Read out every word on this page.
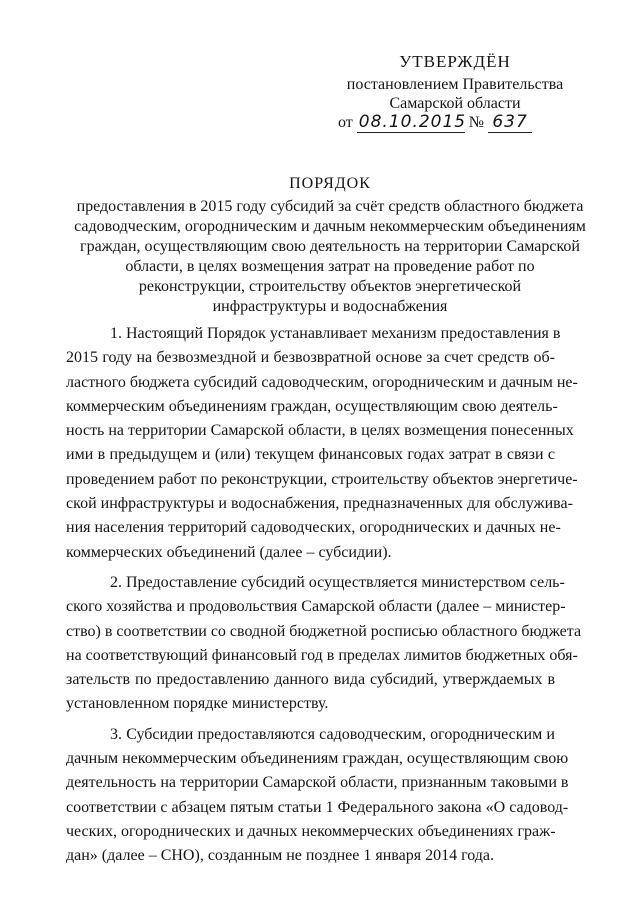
УТВЕРЖДЁН
постановлением Правительства
Самарской области
от 08.10.2015 № 637
ПОРЯДОК
предоставления в 2015 году субсидий за счёт средств областного бюджета
садоводческим, огородническим и дачным некоммерческим объединениям
граждан, осуществляющим свою деятельность на территории Самарской
области, в целях возмещения затрат на проведение работ по
реконструкции, строительству объектов энергетической
инфраструктуры и водоснабжения
1. Настоящий Порядок устанавливает механизм предоставления в
2015 году на безвозмездной и безвозвратной основе за счет средств об-
ластного бюджета субсидий садоводческим, огородническим и дачным не-
коммерческим объединениям граждан, осуществляющим свою деятель-
ность на территории Самарской области, в целях возмещения понесенных
ими в предыдущем и (или) текущем финансовых годах затрат в связи с
проведением работ по реконструкции, строительству объектов энергетиче-
ской инфраструктуры и водоснабжения, предназначенных для обслужива-
ния населения территорий садоводческих, огороднических и дачных не-
коммерческих объединений (далее – субсидии).
2. Предоставление субсидий осуществляется министерством сель-
ского хозяйства и продовольствия Самарской области (далее – министер-
ство) в соответствии со сводной бюджетной росписью областного бюджета
на соответствующий финансовый год в пределах лимитов бюджетных обя-
зательств по предоставлению данного вида субсидий, утверждаемых в
установленном порядке министерству.
3. Субсидии предоставляются садоводческим, огородническим и
дачным некоммерческим объединениям граждан, осуществляющим свою
деятельность на территории Самарской области, признанным таковыми в
соответствии с абзацем пятым статьи 1 Федерального закона «О садовод-
ческих, огороднических и дачных некоммерческих объединениях граж-
дан» (далее – СНО), созданным не позднее 1 января 2014 года.
